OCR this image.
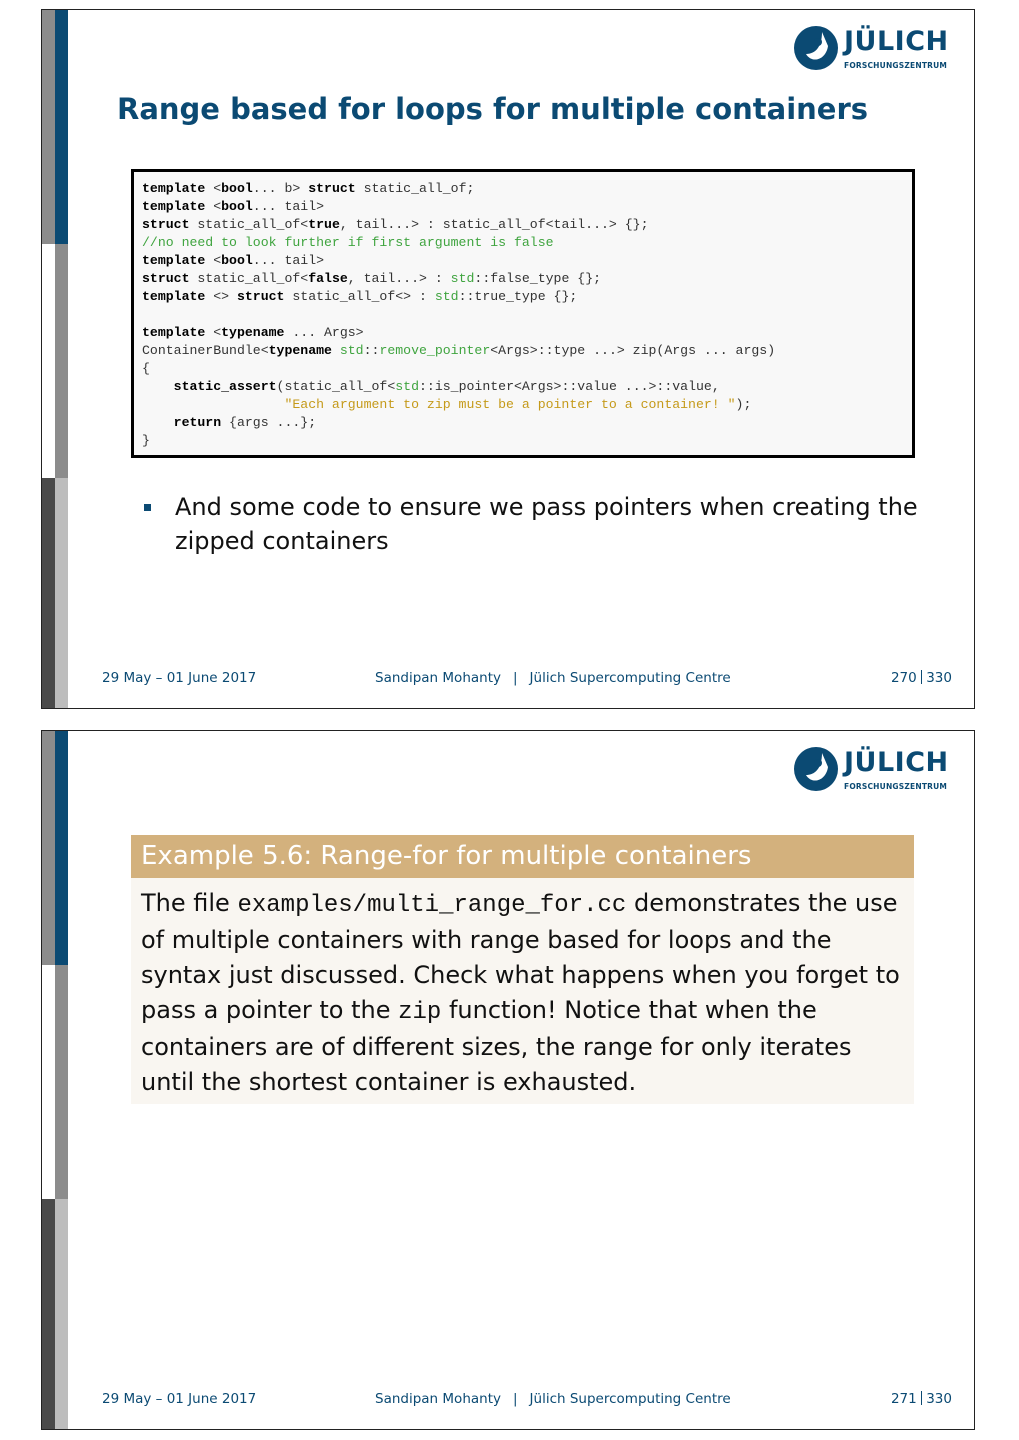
JÜLICH
FORSCHUNGSZENTRUM
Range based for loops for multiple containers
template <bool... b> struct static_all_of;
template <bool... tail>
struct static_all_of<true, tail...> : static_all_of<tail...> {};
//no need to look further if first argument is false
template <bool... tail>
struct static_all_of<false, tail...> : std::false_type {};
template <> struct static_all_of<> : std::true_type {};

template <typename ... Args>
ContainerBundle<typename std::remove_pointer<Args>::type ...> zip(Args ... args)
{
static_assert(static_all_of<std::is_pointer<Args>::value ...>::value,
"Each argument to zip must be a pointer to a container! ");
return {args ...};
}
And some code to ensure we pass pointers when creating the zipped containers
29 May – 01 June 2017	Sandipan Mohanty | Jülich Supercomputing Centre	270 330
JÜLICH
FORSCHUNGSZENTRUM
Example 5.6: Range-for for multiple containers
The file examples/multi_range_for.cc demonstrates the use of multiple containers with range based for loops and the syntax just discussed. Check what happens when you forget to pass a pointer to the zip function! Notice that when the containers are of different sizes, the range for only iterates until the shortest container is exhausted.
29 May – 01 June 2017	Sandipan Mohanty | Jülich Supercomputing Centre	271 330
